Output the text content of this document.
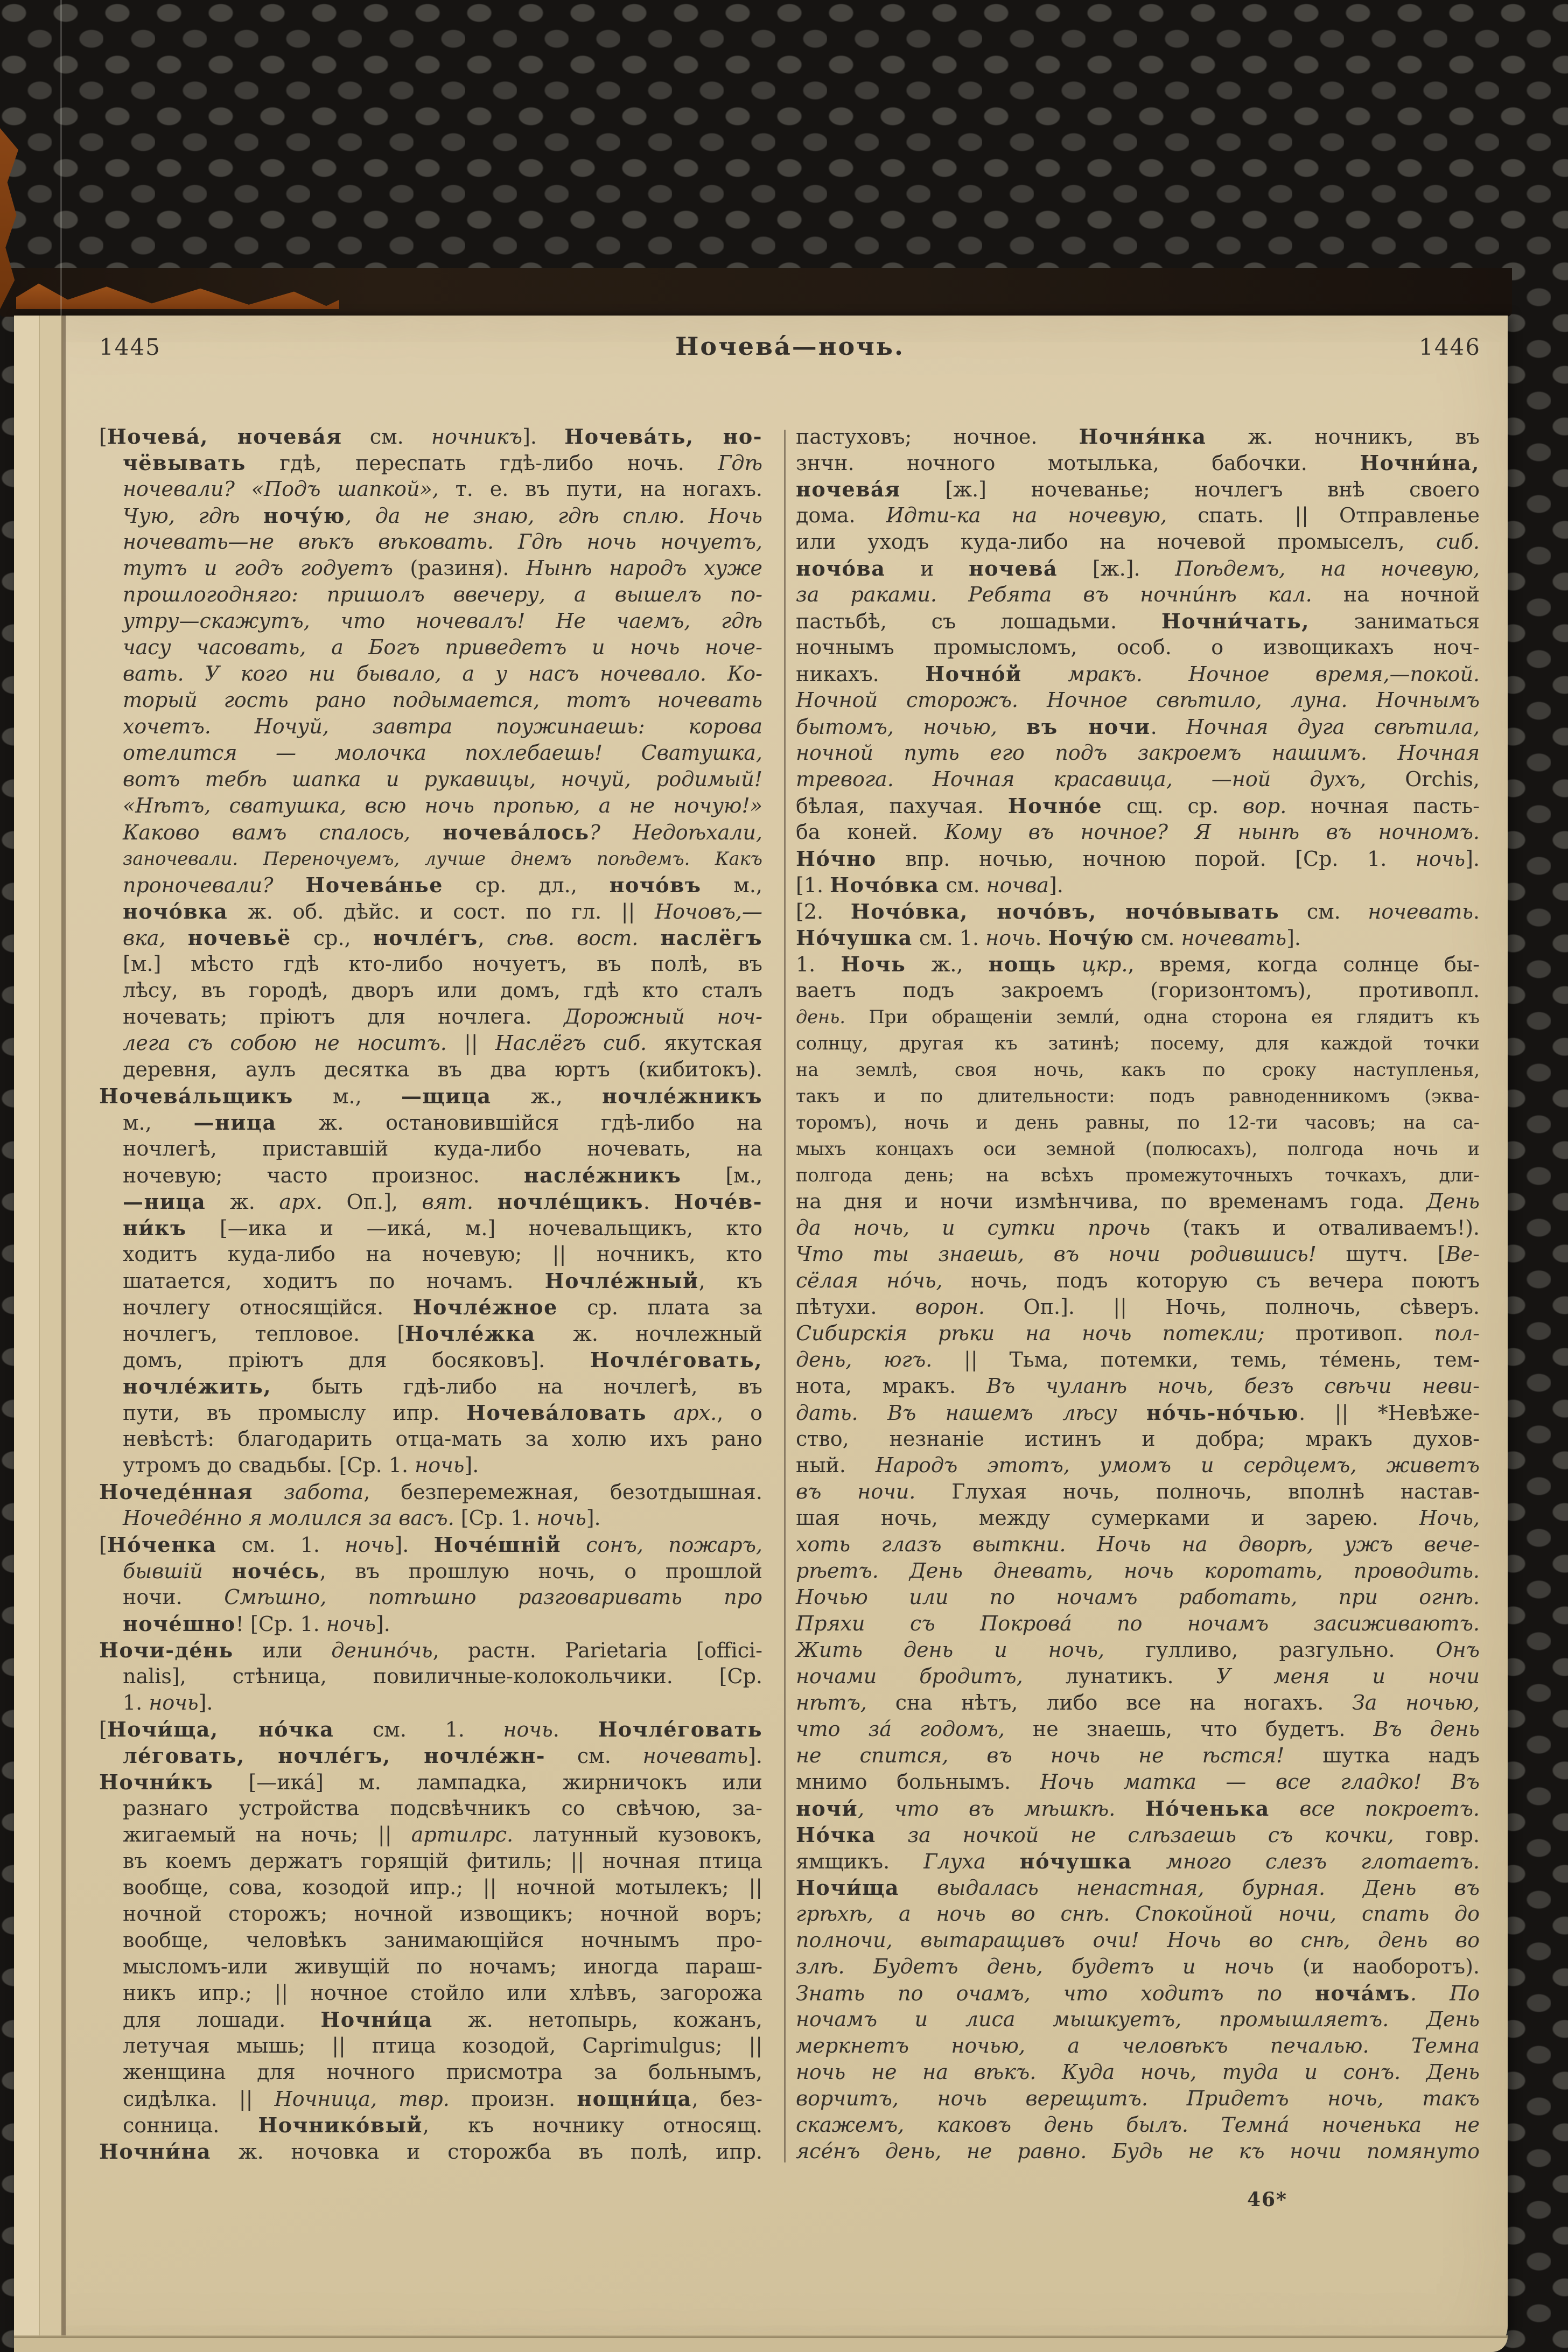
1445	Ночева́—ночь.	1446
[Ночева́, ночева́я см. ночникъ]. Ночева́ть, но-
чёвывать гдѣ, переспать гдѣ-либо ночь. Гдѣ
ночевали? «Подъ шапкой», т. е. въ пути, на ногахъ.
Чую, гдѣ ночу́ю, да не знаю, гдѣ сплю. Ночь
ночевать—не вѣкъ вѣковать. Гдѣ ночь ночуетъ,
тутъ и годъ годуетъ (разиня). Нынѣ народъ хуже
прошлогодняго: пришолъ ввечеру, а вышелъ по-
утру—скажутъ, что ночевалъ! Не чаемъ, гдѣ
часу часовать, а Богъ приведетъ и ночь ноче-
вать. У кого ни бывало, а у насъ ночевало. Ко-
торый гость рано подымается, тотъ ночевать
хочетъ. Ночуй, завтра поужинаешь: корова
отелится — молочка похлебаешь! Сватушка,
вотъ тебѣ шапка и рукавицы, ночуй, родимый!
«Нѣтъ, сватушка, всю ночь пропью, а не ночую!»
Каково вамъ спалось, ночева́лось? Недоѣхали,
заночевали. Переночуемъ, лучше днемъ поѣдемъ. Какъ
проночевали? Ночева́нье ср. дл., ночо́въ м.,
ночо́вка ж. об. дѣйс. и сост. по гл. || Ночовъ,—
вка, ночевьё ср., ночле́гъ, сѣв. вост. наслёгъ
[м.] мѣсто гдѣ кто-либо ночуетъ, въ полѣ, въ
лѣсу, въ городѣ, дворъ или домъ, гдѣ кто сталъ
ночевать; пріютъ для ночлега. Дорожный ноч-
лега съ собою не носитъ. || Наслёгъ сиб. якутская
деревня, аулъ десятка въ два юртъ (кибитокъ).
Ночева́льщикъ м., —щица ж., ночле́жникъ
м., —ница ж. остановившійся гдѣ-либо на
ночлегѣ, приставшій куда-либо ночевать, на
ночевую; часто произнос. насле́жникъ [м.,
—ница ж. арх. Оп.], вят. ночле́щикъ. Ноче́в-
ни́къ [—ика и —ика́, м.] ночевальщикъ, кто
ходитъ куда-либо на ночевую; || ночникъ, кто
шатается, ходитъ по ночамъ. Ночле́жный, къ
ночлегу относящійся. Ночле́жное ср. плата за
ночлегъ, тепловое. [Ночле́жка ж. ночлежный
домъ, пріютъ для босяковъ]. Ночле́говать,
ночле́жить, быть гдѣ-либо на ночлегѣ, въ
пути, въ промыслу ипр. Ночева́ловать арх., о
невѣстѣ: благодарить отца-мать за холю ихъ рано
утромъ до свадьбы. [Ср. 1. ночь].
Ночеде́нная забота, безперемежная, безотдышная.
Ночеде́нно я молился за васъ. [Ср. 1. ночь].
[Но́ченка см. 1. ночь]. Ноче́шній сонъ, пожаръ,
бывшій ноче́сь, въ прошлую ночь, о прошлой
ночи. Смѣшно, потѣшно разговаривать про
ноче́шно! [Ср. 1. ночь].
Ночи-де́нь или денино́чь, растн. Parietaria [offici-
nalis], стѣница, повиличные-колокольчики. [Ср.
1. ночь].
[Ночи́ща, но́чка см. 1. ночь. Ночле́говать
ле́говать, ночле́гъ, ночле́жн- см. ночевать].
Ночни́къ [—ика́] м. лампадка, жирничокъ или
разнаго устройства подсвѣчникъ со свѣчою, за-
жигаемый на ночь; || артилрс. латунный кузовокъ,
въ коемъ держатъ горящій фитиль; || ночная птица
вообще, сова, козодой ипр.; || ночной мотылекъ; ||
ночной сторожъ; ночной извощикъ; ночной воръ;
вообще, человѣкъ занимающійся ночнымъ про-
мысломъ-или живущій по ночамъ; иногда параш-
никъ ипр.; || ночное стойло или хлѣвъ, загорожа
для лошади. Ночни́ца ж. нетопырь, кожанъ,
летучая мышь; || птица козодой, Caprimulgus; ||
женщина для ночного присмотра за больнымъ,
сидѣлка. || Ночница, твр. произн. нощни́ца, без-
сонница. Ночнико́вый, къ ночнику относящ.
Ночни́на ж. ночовка и сторожба въ полѣ, ипр.
пастуховъ; ночное. Ночня́нка ж. ночникъ, въ
знчн. ночного мотылька, бабочки. Ночни́на,
ночева́я [ж.] ночеванье; ночлегъ внѣ своего
дома. Идти-ка на ночевую, спать. || Отправленье
или уходъ куда-либо на ночевой промыселъ, сиб.
ночо́ва и ночева́ [ж.]. Поѣдемъ, на ночевую,
за раками. Ребята въ ночни́нѣ кал. на ночной
пастьбѣ, съ лошадьми. Ночни́чать, заниматься
ночнымъ промысломъ, особ. о извощикахъ ноч-
никахъ. Ночно́й мракъ. Ночное время,—покой.
Ночной сторожъ. Ночное свѣтило, луна. Ночнымъ
бытомъ, ночью, въ ночи. Ночная дуга свѣтила,
ночной путь его подъ закроемъ нашимъ. Ночная
тревога. Ночная красавица, —ной духъ, Orchis,
бѣлая, пахучая. Ночно́е сщ. ср. вор. ночная пасть-
ба коней. Кому въ ночное? Я нынѣ въ ночномъ.
Но́чно впр. ночью, ночною порой. [Ср. 1. ночь].
[1. Ночо́вка см. ночва].
[2. Ночо́вка, ночо́въ, ночо́вывать см. ночевать.
Но́чушка см. 1. ночь. Ночу́ю см. ночевать].
1. Ночь ж., нощь цкр., время, когда солнце бы-
ваетъ подъ закроемъ (горизонтомъ), противопл.
день. При обращеніи земли́, одна сторона ея глядитъ къ
солнцу, другая къ затинѣ; посему, для каждой точки
на землѣ, своя ночь, какъ по сроку наступленья,
такъ и по длительности: подъ равноденникомъ (эква-
торомъ), ночь и день равны, по 12-ти часовъ; на са-
мыхъ концахъ оси земной (полюсахъ), полгода ночь и
полгода день; на всѣхъ промежуточныхъ точкахъ, дли-
на дня и ночи измѣнчива, по временамъ года. День
да ночь, и сутки прочь (такъ и отваливаемъ!).
Что ты знаешь, въ ночи родившись! шутч. [Ве-
сёлая но́чь, ночь, подъ которую съ вечера поютъ
пѣтухи. ворон. Оп.]. || Ночь, полночь, сѣверъ.
Сибирскія рѣки на ночь потекли; противоп. пол-
день, югъ. || Тьма, потемки, темь, те́мень, тем-
нота, мракъ. Въ чуланѣ ночь, безъ свѣчи неви-
дать. Въ нашемъ лѣсу но́чь-но́чью. || *Невѣже-
ство, незнаніе истинъ и добра; мракъ духов-
ный. Народъ этотъ, умомъ и сердцемъ, живетъ
въ ночи. Глухая ночь, полночь, вполнѣ настав-
шая ночь, между сумерками и зарею. Ночь,
хоть глазъ выткни. Ночь на дворѣ, ужъ вече-
рѣетъ. День дневать, ночь коротать, проводить.
Ночью или по ночамъ работать, при огнѣ.
Пряхи съ Покрова́ по ночамъ засиживаютъ.
Жить день и ночь, гулливо, разгульно. Онъ
ночами бродитъ, лунатикъ. У меня и ночи
нѣтъ, сна нѣтъ, либо все на ногахъ. За ночью,
что за́ годомъ, не знаешь, что будетъ. Въ день
не спится, въ ночь не ѣстся! шутка надъ
мнимо больнымъ. Ночь матка — все гладко! Въ
ночи́, что въ мѣшкѣ. Но́ченька все покроетъ.
Но́чка за ночкой не слѣзаешь съ кочки, говр.
ямщикъ. Глуха но́чушка много слезъ глотаетъ.
Ночи́ща выдалась ненастная, бурная. День въ
грѣхѣ, а ночь во снѣ. Спокойной ночи, спать до
полночи, вытаращивъ очи! Ночь во снѣ, день во
злѣ. Будетъ день, будетъ и ночь (и наоборотъ).
Знать по очамъ, что ходитъ по ноча́мъ. По
ночамъ и лиса мышкуетъ, промышляетъ. День
меркнетъ ночью, а человѣкъ печалью. Темна
ночь не на вѣкъ. Куда ночь, туда и сонъ. День
ворчитъ, ночь верещитъ. Придетъ ночь, такъ
скажемъ, каковъ день былъ. Темна́ ноченька не
ясе́нъ день, не равно. Будь не къ ночи помянуто
46*
